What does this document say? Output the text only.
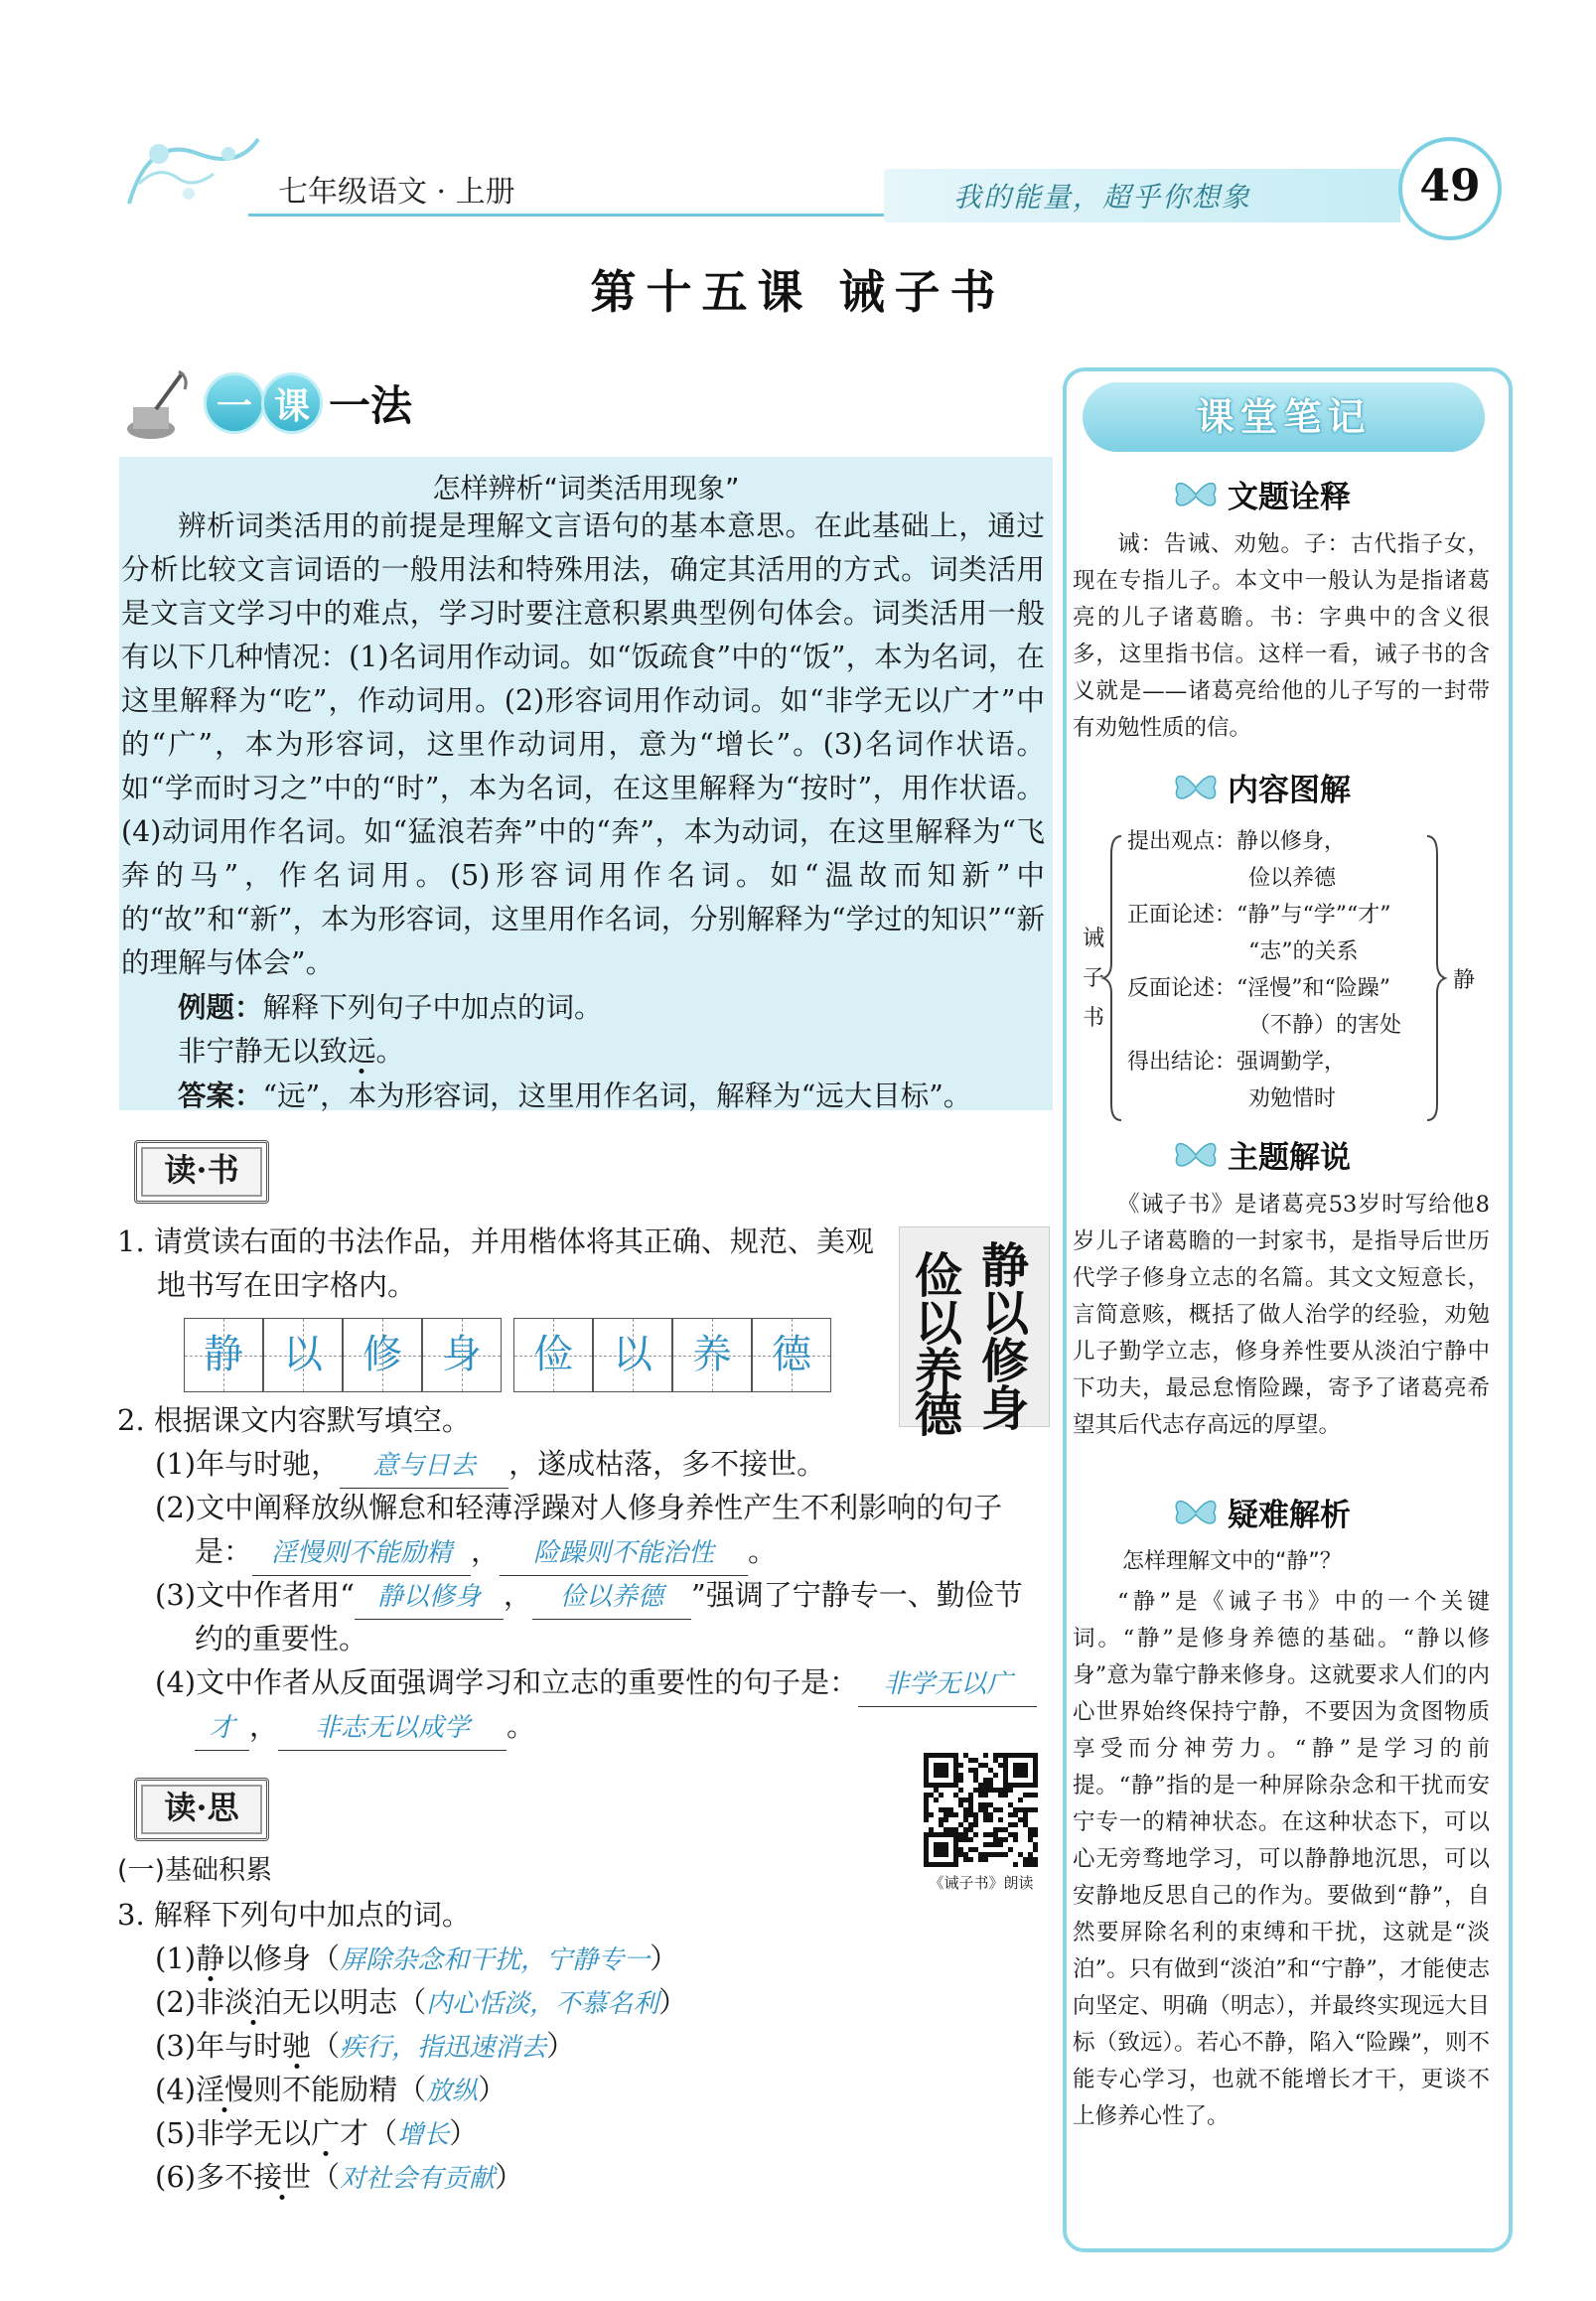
七年级语文 · 上册	我的能量，超乎你想象	49
第十五课 诫子书
一 课 一法
怎样辨析“词类活用现象”

辨析词类活用的前提是理解文言语句的基本意思。在此基础上，通过分析比较文言词语的一般用法和特殊用法，确定其活用的方式。词类活用是文言文学习中的难点，学习时要注意积累典型例句体会。词类活用一般有以下几种情况：(1)名词用作动词。如“饭疏食”中的“饭”，本为名词，在这里解释为“吃”，作动词用。(2)形容词用作动词。如“非学无以广才”中的“广”，本为形容词，这里作动词用，意为“增长”。(3)名词作状语。如“学而时习之”中的“时”，本为名词，在这里解释为“按时”，用作状语。(4)动词用作名词。如“猛浪若奔”中的“奔”，本为动词，在这里解释为“飞奔的马”，作名词用。(5)形容词用作名词。如“温故而知新”中的“故”和“新”，本为形容词，这里用作名词，分别解释为“学过的知识”“新的理解与体会”。

例题：解释下列句子中加点的词。

非宁静无以致远。

答案：“远”，本为形容词，这里用作名词，解释为“远大目标”。

读·书
1. 请赏读右面的书法作品，并用楷体将其正确、规范、美观
地书写在田字格内。
静	以	修	身	俭	以	养	德
静
以
修
身
俭
以
养
德
2. 根据课文内容默写填空。
(1)年与时驰， 意与日去 ，遂成枯落，多不接世。
(2)文中阐释放纵懈怠和轻薄浮躁对人修身养性产生不利影响的句子
是： 淫慢则不能励精 ， 险躁则不能治性 。
(3)文中作者用“ 静以修身 ， 俭以养德 ”强调了宁静专一、勤俭节
约的重要性。
(4)文中作者从反面强调学习和立志的重要性的句子是： 非学无以广
才 ， 非志无以成学 。
《诫子书》朗读
读·思
(一)基础积累
3. 解释下列句中加点的词。
(1)静以修身（屏除杂念和干扰，宁静专一）
(2)非淡泊无以明志（内心恬淡，不慕名利）
(3)年与时驰（疾行，指迅速消去）
(4)淫慢则不能励精（放纵）
(5)非学无以广才（增长）
(6)多不接世（对社会有贡献）
课堂笔记
文题诠释

诫：告诫、劝勉。子：古代指子女，现在专指儿子。本文中一般认为是指诸葛亮的儿子诸葛瞻。书：字典中的含义很多，这里指书信。这样一看，诫子书的含义就是——诸葛亮给他的儿子写的一封带有劝勉性质的信。

内容图解
诫
子
书
提出观点：静以修身，
俭以养德
正面论述：“静”与“学”“才”
“志”的关系
反面论述：“淫慢”和“险躁”
（不静）的害处
得出结论：强调勤学，
劝勉惜时
静
主题解说

《诫子书》是诸葛亮53岁时写给他8岁儿子诸葛瞻的一封家书，是指导后世历代学子修身立志的名篇。其文文短意长，言简意赅，概括了做人治学的经验，劝勉儿子勤学立志，修身养性要从淡泊宁静中下功夫，最忌怠惰险躁，寄予了诸葛亮希望其后代志存高远的厚望。

疑难解析
怎样理解文中的“静”？

“静”是《诫子书》中的一个关键词。“静”是修身养德的基础。“静以修身”意为靠宁静来修身。这就要求人们的内心世界始终保持宁静，不要因为贪图物质享受而分神劳力。“静”是学习的前提。“静”指的是一种屏除杂念和干扰而安宁专一的精神状态。在这种状态下，可以心无旁骛地学习，可以静静地沉思，可以安静地反思自己的作为。要做到“静”，自然要屏除名利的束缚和干扰，这就是“淡泊”。只有做到“淡泊”和“宁静”，才能使志向坚定、明确（明志），并最终实现远大目标（致远）。若心不静，陷入“险躁”，则不能专心学习，也就不能增长才干，更谈不上修养心性了。
